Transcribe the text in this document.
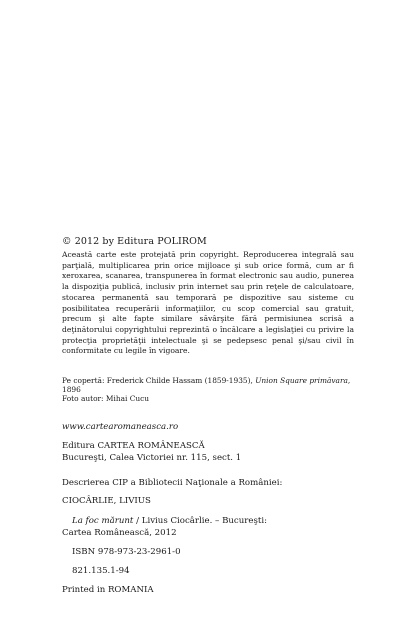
© 2012 by Editura POLIROM
Această carte este protejată prin copyright. Reproducerea integrală sau parţială, multiplicarea prin orice mijloace şi sub orice formă, cum ar fi xeroxarea, scanarea, transpunerea în format electronic sau audio, punerea la dispoziţia publică, inclusiv prin internet sau prin reţele de calculatoare, stocarea permanentă sau temporară pe dispozitive sau sisteme cu posibilitatea recuperării informaţiilor, cu scop comercial sau gratuit, precum şi alte fapte similare săvârşite fără permisiunea scrisă a deţinătorului copyrightului reprezintă o încălcare a legislaţiei cu privire la protecţia proprietăţii intelectuale şi se pedepsesc penal şi/sau civil în conformitate cu legile în vigoare.
Pe copertă: Frederick Childe Hassam (1859-1935), Union Square primăvara, 1896
Foto autor: Mihai Cucu
www.cartearomaneasca.ro
Editura CARTEA ROMÂNEASCĂ
Bucureşti, Calea Victoriei nr. 115, sect. 1
Descrierea CIP a Bibliotecii Naţionale a României:
CIOCÂRLIE, LIVIUS
La foc mărunt / Livius Ciocârlie. – Bucureşti:
Cartea Românească, 2012
ISBN 978-973-23-2961-0
821.135.1-94
Printed in ROMANIA
